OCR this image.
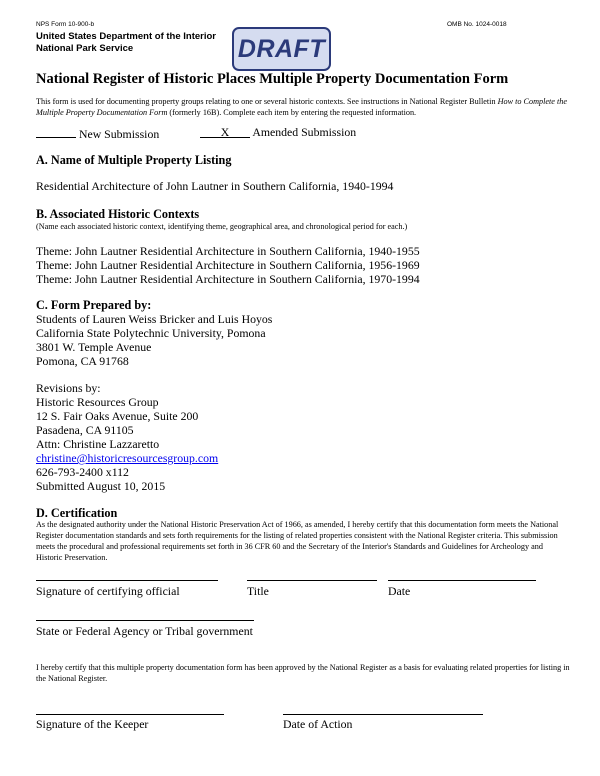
NPS Form 10-900-b	OMB No. 1024-0018
United States Department of the Interior
National Park Service	DRAFT
National Register of Historic Places Multiple Property Documentation Form
This form is used for documenting property groups relating to one or several historic contexts. See instructions in National Register Bulletin How to Complete the Multiple Property Documentation Form (formerly 16B). Complete each item by entering the requested information.
New Submission	X Amended Submission
A. Name of Multiple Property Listing
Residential Architecture of John Lautner in Southern California, 1940-1994
B. Associated Historic Contexts
(Name each associated historic context, identifying theme, geographical area, and chronological period for each.)
Theme: John Lautner Residential Architecture in Southern California, 1940-1955
Theme: John Lautner Residential Architecture in Southern California, 1956-1969
Theme: John Lautner Residential Architecture in Southern California, 1970-1994
C. Form Prepared by:
Students of Lauren Weiss Bricker and Luis Hoyos
California State Polytechnic University, Pomona
3801 W. Temple Avenue
Pomona, CA 91768
Revisions by:
Historic Resources Group
12 S. Fair Oaks Avenue, Suite 200
Pasadena, CA 91105
Attn: Christine Lazzaretto
christine@historicresourcesgroup.com
626-793-2400 x112
Submitted August 10, 2015
D. Certification
As the designated authority under the National Historic Preservation Act of 1966, as amended, I hereby certify that this documentation form meets the National Register documentation standards and sets forth requirements for the listing of related properties consistent with the National Register criteria. This submission meets the procedural and professional requirements set forth in 36 CFR 60 and the Secretary of the Interior's Standards and Guidelines for Archeology and Historic Preservation.
Signature of certifying official	Title	Date
State or Federal Agency or Tribal government
I hereby certify that this multiple property documentation form has been approved by the National Register as a basis for evaluating related properties for listing in the National Register.
Signature of the Keeper	Date of Action
